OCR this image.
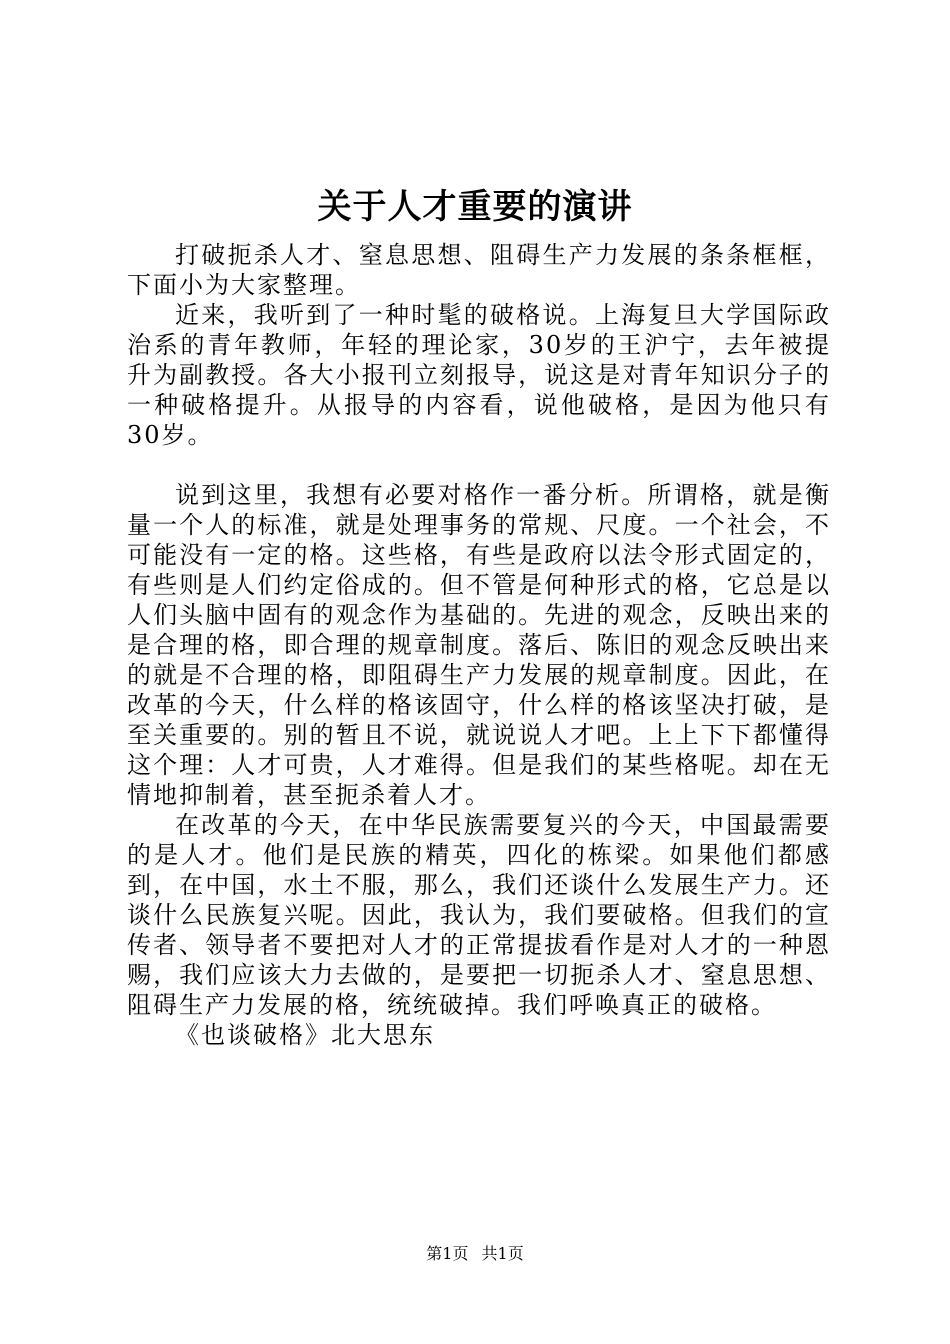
关于人才重要的演讲

打破扼杀人才、窒息思想、阻碍生产力发展的条条框框，下面小为大家整理。

近来，我听到了一种时髦的破格说。上海复旦大学国际政治系的青年教师，年轻的理论家，30岁的王沪宁，去年被提升为副教授。各大小报刊立刻报导，说这是对青年知识分子的一种破格提升。从报导的内容看，说他破格，是因为他只有30岁。

说到这里，我想有必要对格作一番分析。所谓格，就是衡量一个人的标准，就是处理事务的常规、尺度。一个社会，不可能没有一定的格。这些格，有些是政府以法令形式固定的，有些则是人们约定俗成的。但不管是何种形式的格，它总是以人们头脑中固有的观念作为基础的。先进的观念，反映出来的是合理的格，即合理的规章制度。落后、陈旧的观念反映出来的就是不合理的格，即阻碍生产力发展的规章制度。因此，在改革的今天，什么样的格该固守，什么样的格该坚决打破，是至关重要的。别的暂且不说，就说说人才吧。上上下下都懂得这个理：人才可贵，人才难得。但是我们的某些格呢。却在无情地抑制着，甚至扼杀着人才。

在改革的今天，在中华民族需要复兴的今天，中国最需要的是人才。他们是民族的精英，四化的栋梁。如果他们都感到，在中国，水土不服，那么，我们还谈什么发展生产力。还谈什么民族复兴呢。因此，我认为，我们要破格。但我们的宣传者、领导者不要把对人才的正常提拔看作是对人才的一种恩赐，我们应该大力去做的，是要把一切扼杀人才、窒息思想、阻碍生产力发展的格，统统破掉。我们呼唤真正的破格。

《也谈破格》北大思东

第1页 共1页
